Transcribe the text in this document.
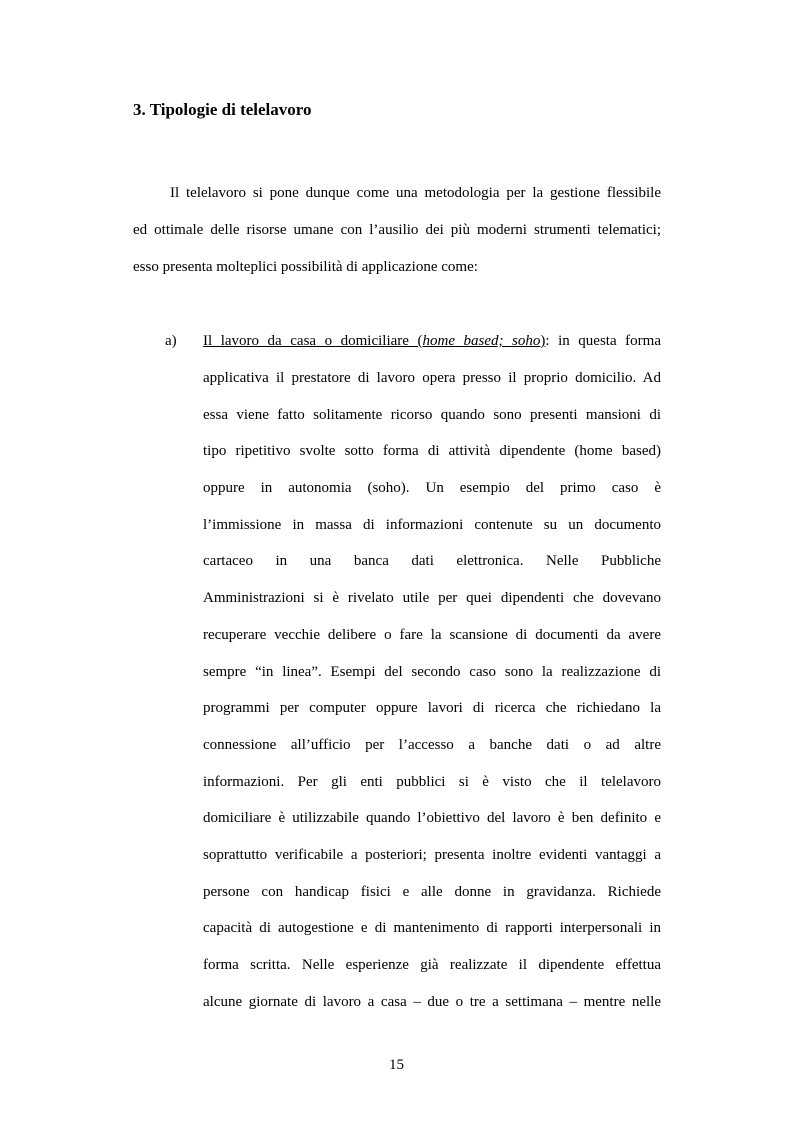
3. Tipologie di telelavoro
Il telelavoro si pone dunque come una metodologia per la gestione flessibile
ed ottimale delle risorse umane con l’ausilio dei più moderni strumenti telematici;
esso presenta molteplici possibilità di applicazione come:
a) Il lavoro da casa o domiciliare (home based; soho): in questa forma
applicativa il prestatore di lavoro opera presso il proprio domicilio. Ad
essa viene fatto solitamente ricorso quando sono presenti mansioni di
tipo ripetitivo svolte sotto forma di attività dipendente (home based)
oppure in autonomia (soho). Un esempio del primo caso è
l’immissione in massa di informazioni contenute su un documento
cartaceo in una banca dati elettronica. Nelle Pubbliche
Amministrazioni si è rivelato utile per quei dipendenti che dovevano
recuperare vecchie delibere o fare la scansione di documenti da avere
sempre “in linea”. Esempi del secondo caso sono la realizzazione di
programmi per computer oppure lavori di ricerca che richiedano la
connessione all’ufficio per l’accesso a banche dati o ad altre
informazioni. Per gli enti pubblici si è visto che il telelavoro
domiciliare è utilizzabile quando l’obiettivo del lavoro è ben definito e
soprattutto verificabile a posteriori; presenta inoltre evidenti vantaggi a
persone con handicap fisici e alle donne in gravidanza. Richiede
capacità di autogestione e di mantenimento di rapporti interpersonali in
forma scritta. Nelle esperienze già realizzate il dipendente effettua
alcune giornate di lavoro a casa – due o tre a settimana – mentre nelle
15
